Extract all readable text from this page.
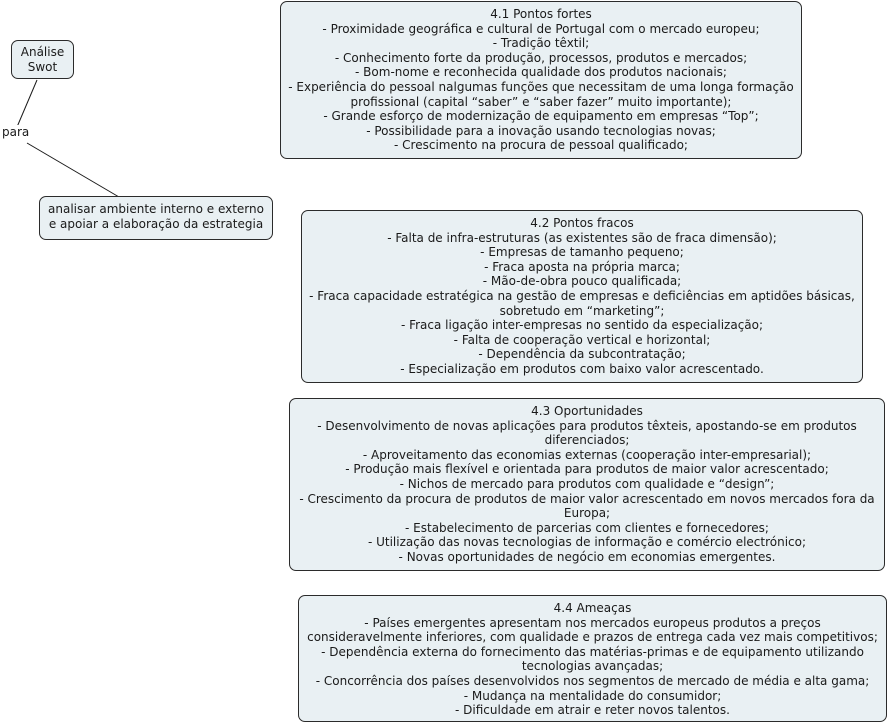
Análise
Swot
para
analisar ambiente interno e externo
e apoiar a elaboração da estrategia
4.1 Pontos fortes
- Proximidade geográfica e cultural de Portugal com o mercado europeu;
- Tradição têxtil;
- Conhecimento forte da produção, processos, produtos e mercados;
- Bom-nome e reconhecida qualidade dos produtos nacionais;
- Experiência do pessoal nalgumas funções que necessitam de uma longa formação
profissional (capital “saber” e “saber fazer” muito importante);
- Grande esforço de modernização de equipamento em empresas “Top”;
- Possibilidade para a inovação usando tecnologias novas;
- Crescimento na procura de pessoal qualificado;
4.2 Pontos fracos
- Falta de infra-estruturas (as existentes são de fraca dimensão);
- Empresas de tamanho pequeno;
- Fraca aposta na própria marca;
- Mão-de-obra pouco qualificada;
- Fraca capacidade estratégica na gestão de empresas e deficiências em aptidões básicas,
sobretudo em “marketing”;
- Fraca ligação inter-empresas no sentido da especialização;
- Falta de cooperação vertical e horizontal;
- Dependência da subcontratação;
- Especialização em produtos com baixo valor acrescentado.
4.3 Oportunidades
- Desenvolvimento de novas aplicações para produtos têxteis, apostando-se em produtos
diferenciados;
- Aproveitamento das economias externas (cooperação inter-empresarial);
- Produção mais flexível e orientada para produtos de maior valor acrescentado;
- Nichos de mercado para produtos com qualidade e “design”;
- Crescimento da procura de produtos de maior valor acrescentado em novos mercados fora da
Europa;
- Estabelecimento de parcerias com clientes e fornecedores;
- Utilização das novas tecnologias de informação e comércio electrónico;
- Novas oportunidades de negócio em economias emergentes.
4.4 Ameaças
- Países emergentes apresentam nos mercados europeus produtos a preços
consideravelmente inferiores, com qualidade e prazos de entrega cada vez mais competitivos;
- Dependência externa do fornecimento das matérias-primas e de equipamento utilizando
tecnologias avançadas;
- Concorrência dos países desenvolvidos nos segmentos de mercado de média e alta gama;
- Mudança na mentalidade do consumidor;
- Dificuldade em atrair e reter novos talentos.
